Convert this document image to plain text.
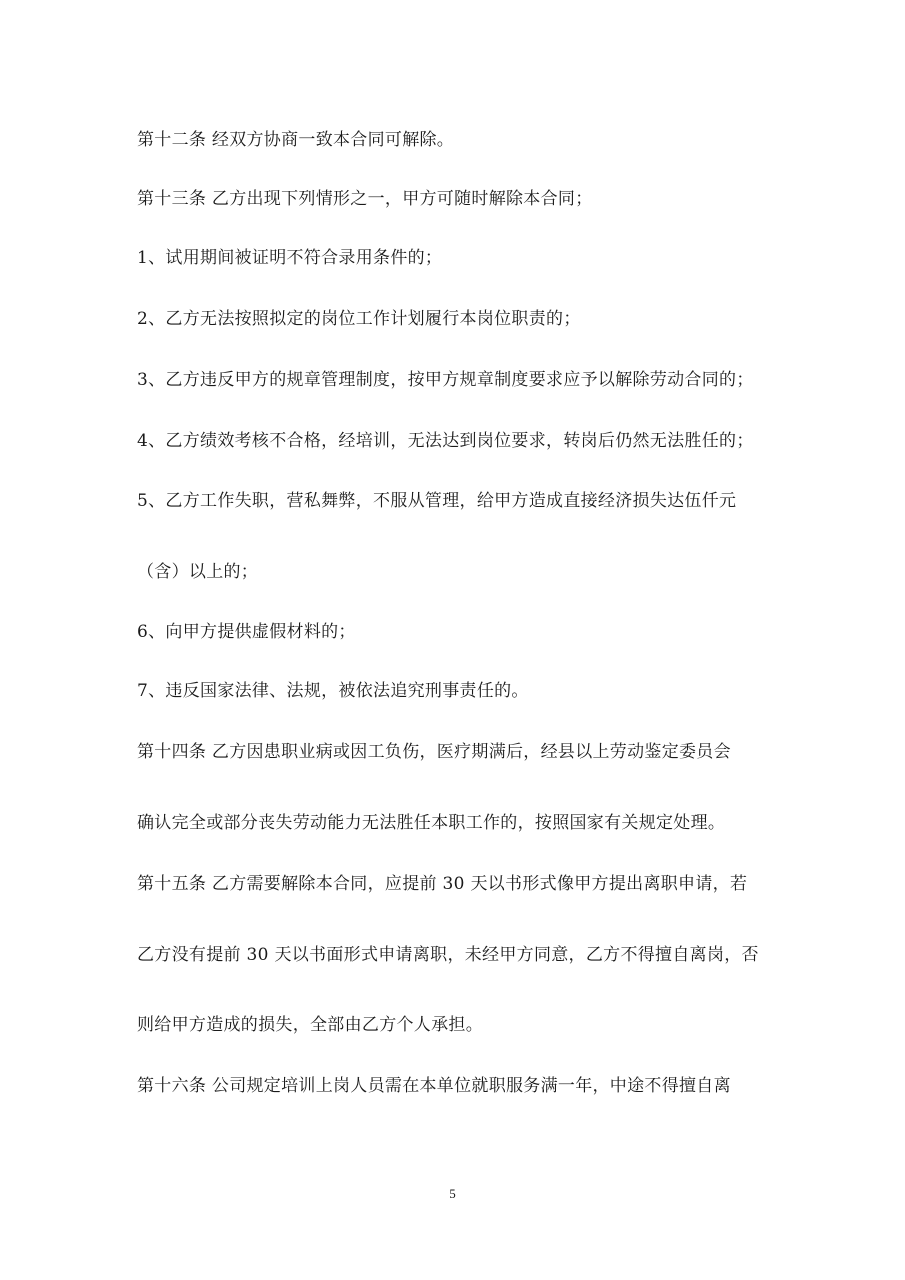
第十二条 经双方协商一致本合同可解除。
第十三条 乙方出现下列情形之一，甲方可随时解除本合同；
1、试用期间被证明不符合录用条件的；
2、乙方无法按照拟定的岗位工作计划履行本岗位职责的；
3、乙方违反甲方的规章管理制度，按甲方规章制度要求应予以解除劳动合同的；
4、乙方绩效考核不合格，经培训，无法达到岗位要求，转岗后仍然无法胜任的；
5、乙方工作失职，营私舞弊，不服从管理，给甲方造成直接经济损失达伍仟元
（含）以上的；
6、向甲方提供虚假材料的；
7、违反国家法律、法规，被依法追究刑事责任的。
第十四条 乙方因患职业病或因工负伤，医疗期满后，经县以上劳动鉴定委员会
确认完全或部分丧失劳动能力无法胜任本职工作的，按照国家有关规定处理。
第十五条 乙方需要解除本合同，应提前 30 天以书形式像甲方提出离职申请，若
乙方没有提前 30 天以书面形式申请离职，未经甲方同意，乙方不得擅自离岗，否
则给甲方造成的损失，全部由乙方个人承担。
第十六条 公司规定培训上岗人员需在本单位就职服务满一年，中途不得擅自离
5
